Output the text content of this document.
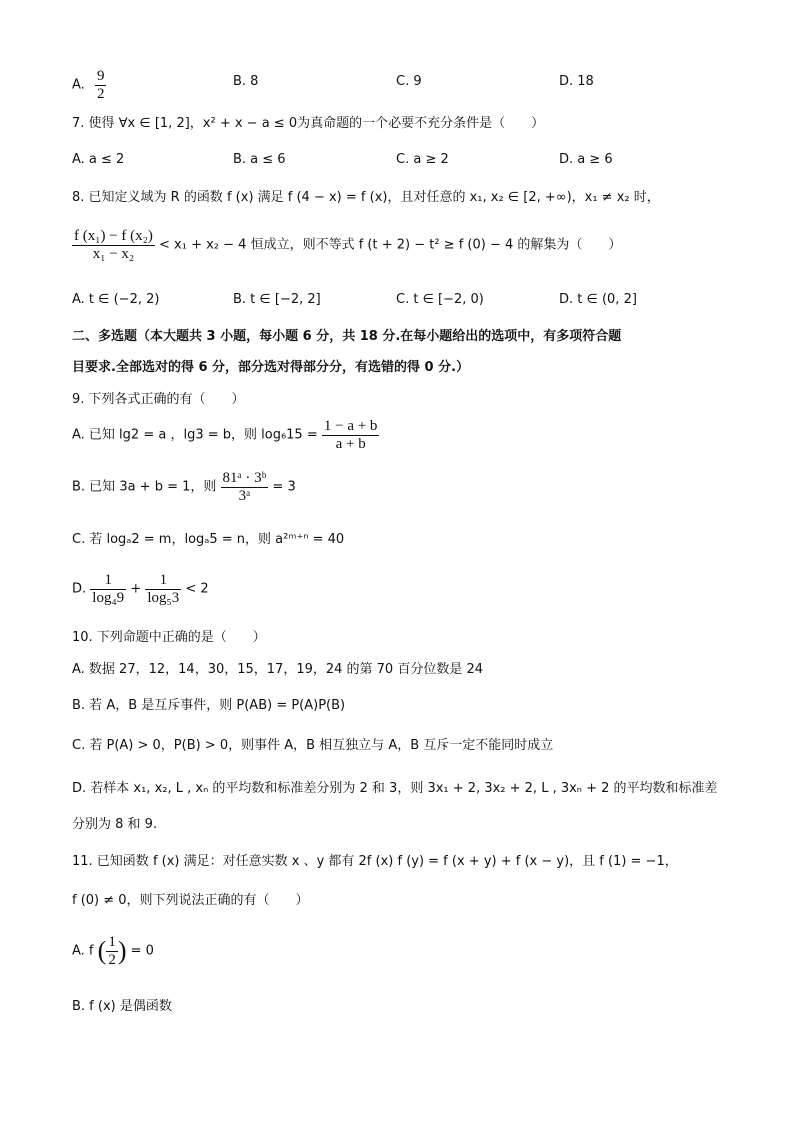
A. $\frac{9}{2}$	B. 8	C. 9	D. 18
7. 使得 ∀x ∈ [1, 2]，x² + x − a ≤ 0为真命题的一个必要不充分条件是（　　）
A. a ≤ 2	B. a ≤ 6	C. a ≥ 2	D. a ≥ 6
8. 已知定义域为 R 的函数 f (x) 满足 f (4 − x) = f (x)，且对任意的 x₁, x₂ ∈ [2, +∞)，x₁ ≠ x₂ 时，
$\frac{\text{f (x₁) − f (x₂)}}{\text{x₁ − x₂}} < x_1 + x_2 - 4$ 恒成立，则不等式 f (t + 2) − t² ≥ f (0) − 4 的解集为（　　）
A. t ∈ (−2, 2)	B. t ∈ [−2, 2]	C. t ∈ [−2, 0)	D. t ∈ (0, 2]
二、多选题（本大题共 3 小题，每小题 6 分，共 18 分.在每小题给出的选项中，有多项符合题
目要求.全部选对的得 6 分，部分选对得部分分，有选错的得 0 分.）
9. 下列各式正确的有（　　）
A. 已知 lg2 = a ，lg3 = b，则 $\log_615 = \frac{1 - a + b}{a + b}$
B. 已知 3a + b = 1，则 $\frac{\text{81ᵃ · 3ᵇ}}{\text{3ᵃ}} = 3$
C. 若 logₐ2 = m，logₐ5 = n，则 a²ᵐ⁺ⁿ = 40
D. $\frac{1}{\text{log₄9}} + \frac{1}{\text{log₅3}} < 2$
10. 下列命题中正确的是（　　）
A. 数据 27，12，14，30，15，17，19，24 的第 70 百分位数是 24
B. 若 A，B 是互斥事件，则 P(AB) = P(A)P(B)
C. 若 P(A) > 0，P(B) > 0，则事件 A，B 相互独立与 A，B 互斥一定不能同时成立
D. 若样本 x₁, x₂, L , xₙ 的平均数和标准差分别为 2 和 3，则 3x₁ + 2, 3x₂ + 2, L , 3xₙ + 2 的平均数和标准差
分别为 8 和 9.
11. 已知函数 f (x) 满足：对任意实数 x 、y 都有 2f (x) f (y) = f (x + y) + f (x − y)，且 f (1) = −1，
f (0) ≠ 0，则下列说法正确的有（　　）
A. f ( $\frac{1}{2}$ ) = 0
B. f (x) 是偶函数
